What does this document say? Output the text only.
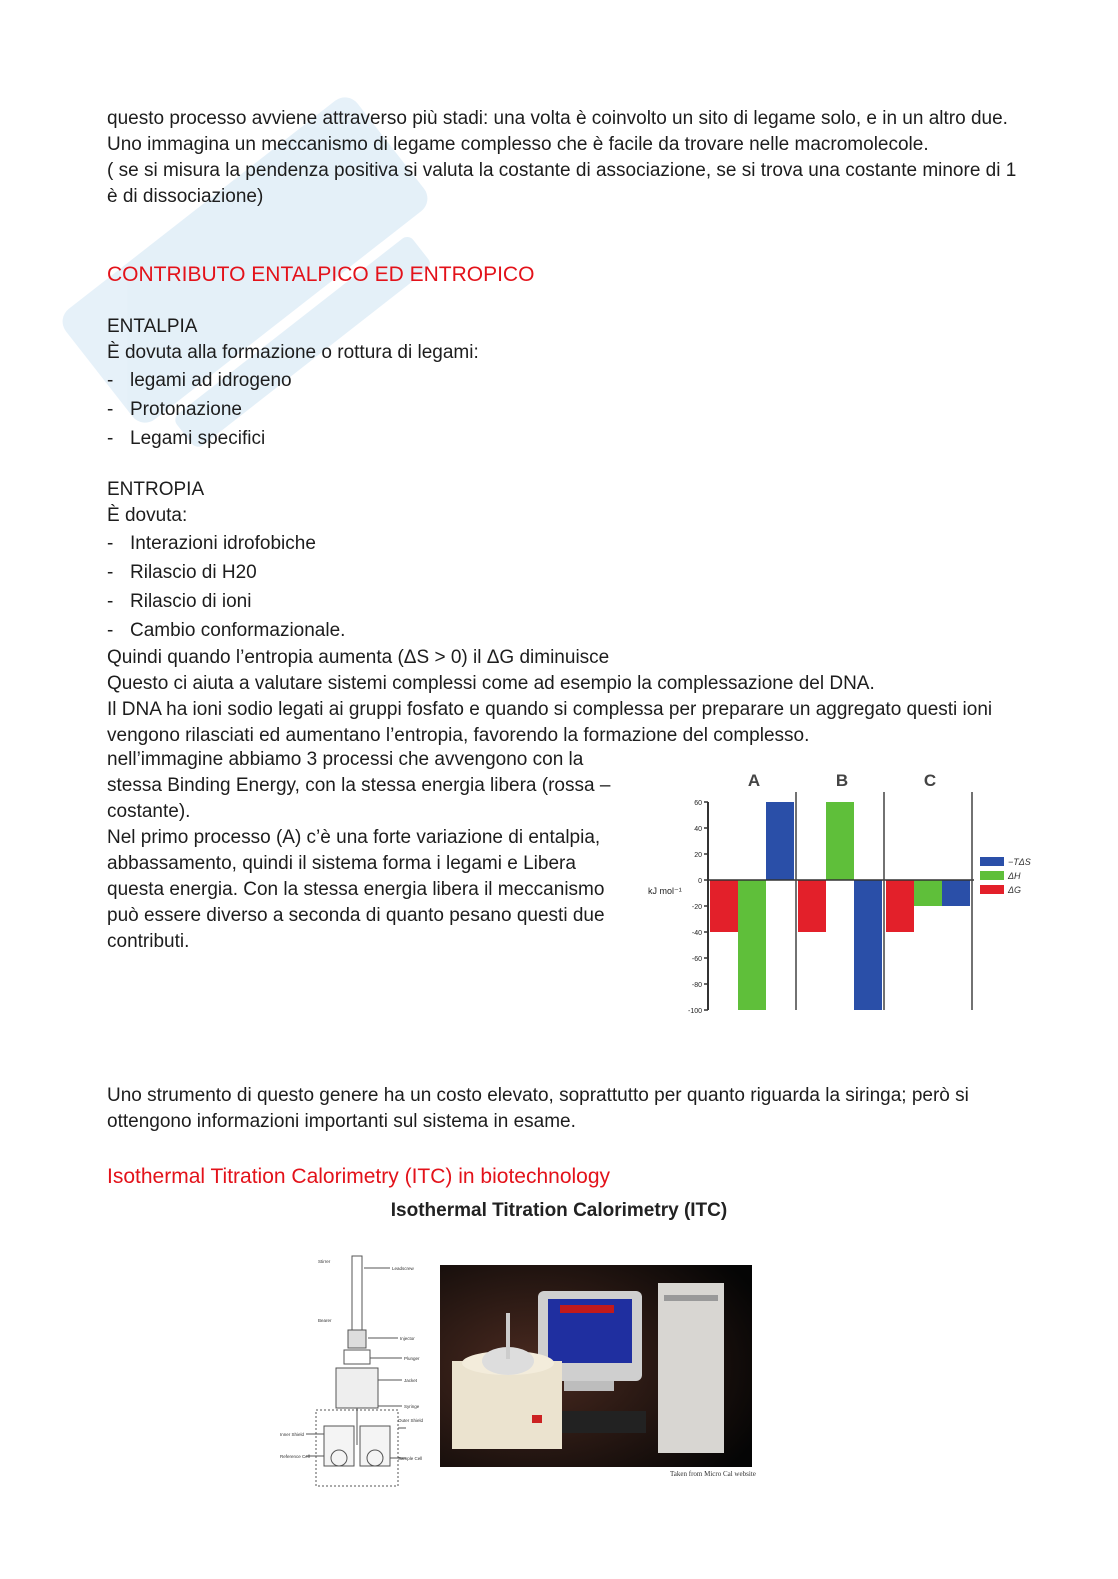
questo processo avviene attraverso più stadi: una volta è coinvolto un sito di legame solo, e in un altro due.

Uno immagina un meccanismo di legame complesso che è facile da trovare nelle macromolecole.

( se si misura la pendenza positiva si valuta la costante di associazione, se si trova una costante minore di 1 è di dissociazione)

CONTRIBUTO ENTALPICO ED ENTROPICO

ENTALPIA

È dovuta alla formazione o rottura di legami:

- legami ad idrogeno
- Protonazione
- Legami specifici

ENTROPIA

È dovuta:

- Interazioni idrofobiche
- Rilascio di H20
- Rilascio di ioni
- Cambio conformazionale.

Quindi quando l’entropia aumenta (ΔS > 0) il ΔG diminuisce

Questo ci aiuta a valutare sistemi complessi come ad esempio la complessazione del DNA.

Il DNA ha ioni sodio legati ai gruppi fosfato e quando si complessa per preparare un aggregato questi ioni vengono rilasciati ed aumentano l’entropia, favorendo la formazione del complesso.

nell’immagine abbiamo 3 processi che avvengono con la stessa Binding Energy, con la stessa energia libera (rossa – costante).

Nel primo processo (A) c’è una forte variazione di entalpia, abbassamento, quindi il sistema forma i legami e Libera questa energia. Con la stessa energia libera il meccanismo può essere diverso a seconda di quanto pesano questi due contributi.

60
40
20
0
-20
-40
-60
-80
-100
kJ mol⁻¹
A	B	C
−TΔS
ΔH
ΔG

Uno strumento di questo genere ha un costo elevato, soprattutto per quanto riguarda la siringa; però si ottengono informazioni importanti sul sistema in esame.

Isothermal Titration Calorimetry (ITC) in biotechnology
Isothermal Titration Calorimetry (ITC)
Stirrer
Leadscrew
Bearer
Injector
Plunger
Jacket
Syringe
Outer Shield
Inner Shield
Reference Cell	Sample Cell
Taken from Micro Cal website
